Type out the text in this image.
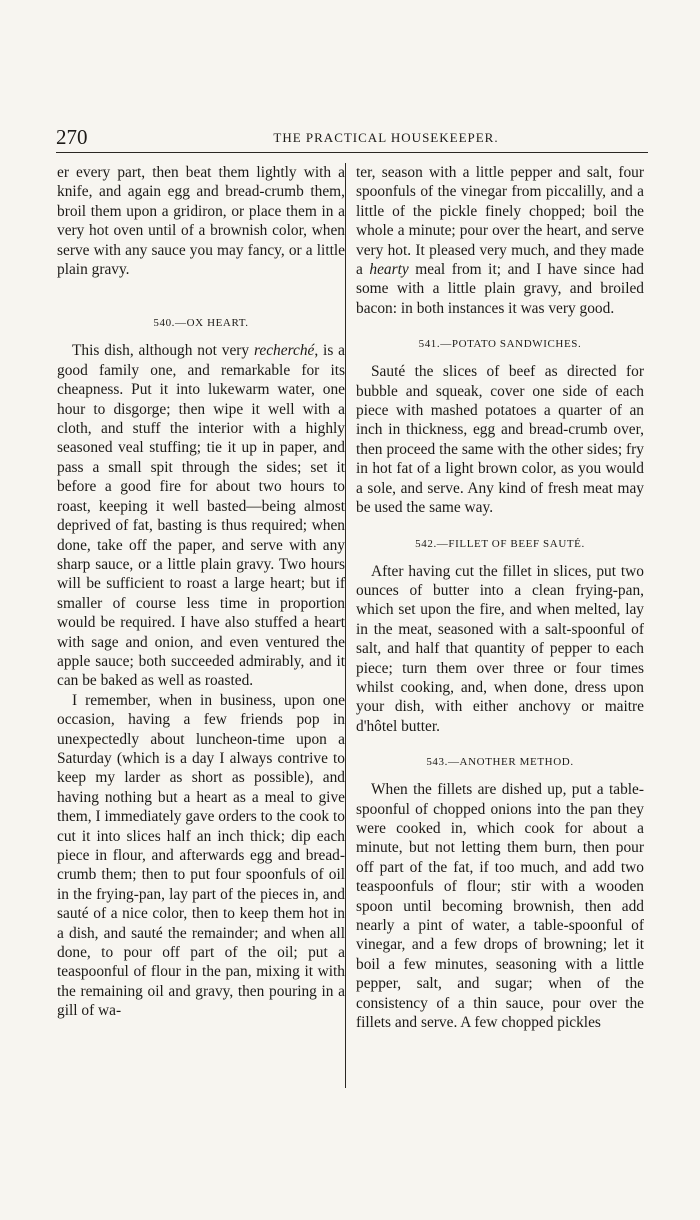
270	THE PRACTICAL HOUSEKEEPER.

er every part, then beat them lightly with a knife, and again egg and bread-crumb them, broil them upon a gridiron, or place them in a very hot oven until of a brownish color, when serve with any sauce you may fancy, or a little plain gravy.

540.—OX HEART.

This dish, although not very recherché, is a good family one, and remarkable for its cheapness. Put it into lukewarm water, one hour to disgorge; then wipe it well with a cloth, and stuff the interior with a highly seasoned veal stuffing; tie it up in paper, and pass a small spit through the sides; set it before a good fire for about two hours to roast, keeping it well basted—being almost deprived of fat, basting is thus required; when done, take off the paper, and serve with any sharp sauce, or a little plain gravy. Two hours will be sufficient to roast a large heart; but if smaller of course less time in proportion would be required. I have also stuffed a heart with sage and onion, and even ventured the apple sauce; both succeeded admirably, and it can be baked as well as roasted.

I remember, when in business, upon one occasion, having a few friends pop in unexpectedly about luncheon-time upon a Saturday (which is a day I always contrive to keep my larder as short as possible), and having nothing but a heart as a meal to give them, I immediately gave orders to the cook to cut it into slices half an inch thick; dip each piece in flour, and afterwards egg and bread-crumb them; then to put four spoonfuls of oil in the frying-pan, lay part of the pieces in, and sauté of a nice color, then to keep them hot in a dish, and sauté the remainder; and when all done, to pour off part of the oil; put a teaspoonful of flour in the pan, mixing it with the remaining oil and gravy, then pouring in a gill of wa-

ter, season with a little pepper and salt, four spoonfuls of the vinegar from piccalilly, and a little of the pickle finely chopped; boil the whole a minute; pour over the heart, and serve very hot. It pleased very much, and they made a hearty meal from it; and I have since had some with a little plain gravy, and broiled bacon: in both instances it was very good.

541.—POTATO SANDWICHES.

Sauté the slices of beef as directed for bubble and squeak, cover one side of each piece with mashed potatoes a quarter of an inch in thickness, egg and bread-crumb over, then proceed the same with the other sides; fry in hot fat of a light brown color, as you would a sole, and serve. Any kind of fresh meat may be used the same way.

542.—FILLET OF BEEF SAUTÉ.

After having cut the fillet in slices, put two ounces of butter into a clean frying-pan, which set upon the fire, and when melted, lay in the meat, seasoned with a salt-spoonful of salt, and half that quantity of pepper to each piece; turn them over three or four times whilst cooking, and, when done, dress upon your dish, with either anchovy or maitre d'hôtel butter.

543.—ANOTHER METHOD.

When the fillets are dished up, put a table-spoonful of chopped onions into the pan they were cooked in, which cook for about a minute, but not letting them burn, then pour off part of the fat, if too much, and add two teaspoonfuls of flour; stir with a wooden spoon until becoming brownish, then add nearly a pint of water, a table-spoonful of vinegar, and a few drops of browning; let it boil a few minutes, seasoning with a little pepper, salt, and sugar; when of the consistency of a thin sauce, pour over the fillets and serve. A few chopped pickles
